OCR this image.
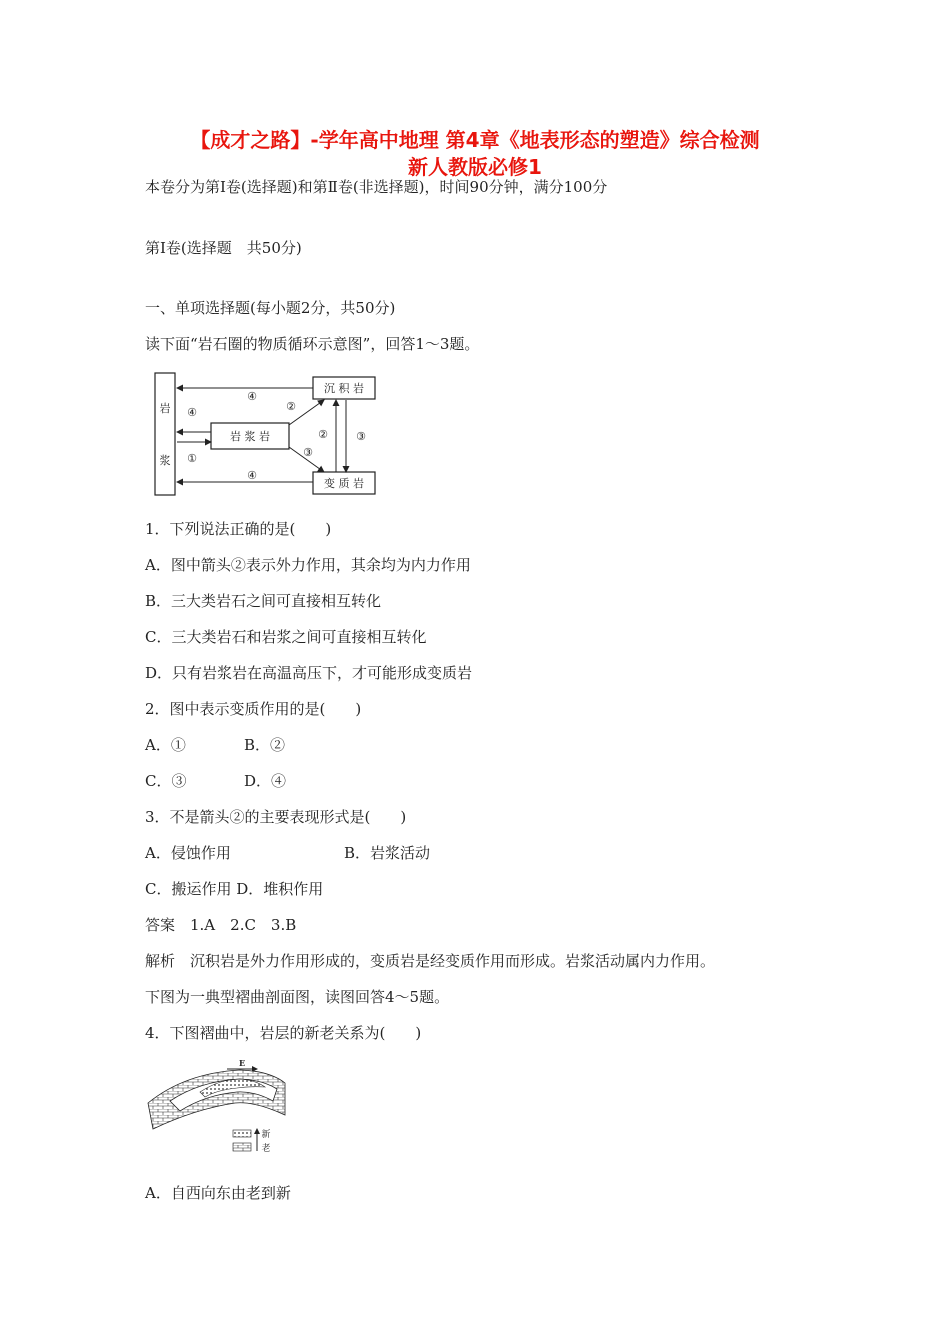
【成才之路】-学年高中地理 第4章《地表形态的塑造》综合检测
新人教版必修1
本卷分为第Ⅰ卷(选择题)和第Ⅱ卷(非选择题)，时间90分钟，满分100分
第Ⅰ卷(选择题　共50分)
一、单项选择题(每小题2分，共50分)
读下面“岩石圈的物质循环示意图”，回答1～3题。
岩
浆
岩 浆 岩
沉 积 岩
变 质 岩
④
④
④
①
②
③
②	③
1．下列说法正确的是(　　)
A．图中箭头②表示外力作用，其余均为内力作用
B．三大类岩石之间可直接相互转化
C．三大类岩石和岩浆之间可直接相互转化
D．只有岩浆岩在高温高压下，才可能形成变质岩
2．图中表示变质作用的是(　　)
A．①	B．②
C．③	D．④
3．不是箭头②的主要表现形式是(　　)
A．侵蚀作用	B．岩浆活动
C．搬运作用 D．堆积作用
答案　1.A　2.C　3.B
解析　沉积岩是外力作用形成的，变质岩是经变质作用而形成。岩浆活动属内力作用。
下图为一典型褶曲剖面图，读图回答4～5题。
4．下图褶曲中，岩层的新老关系为(　　)
E
新
老
A．自西向东由老到新
